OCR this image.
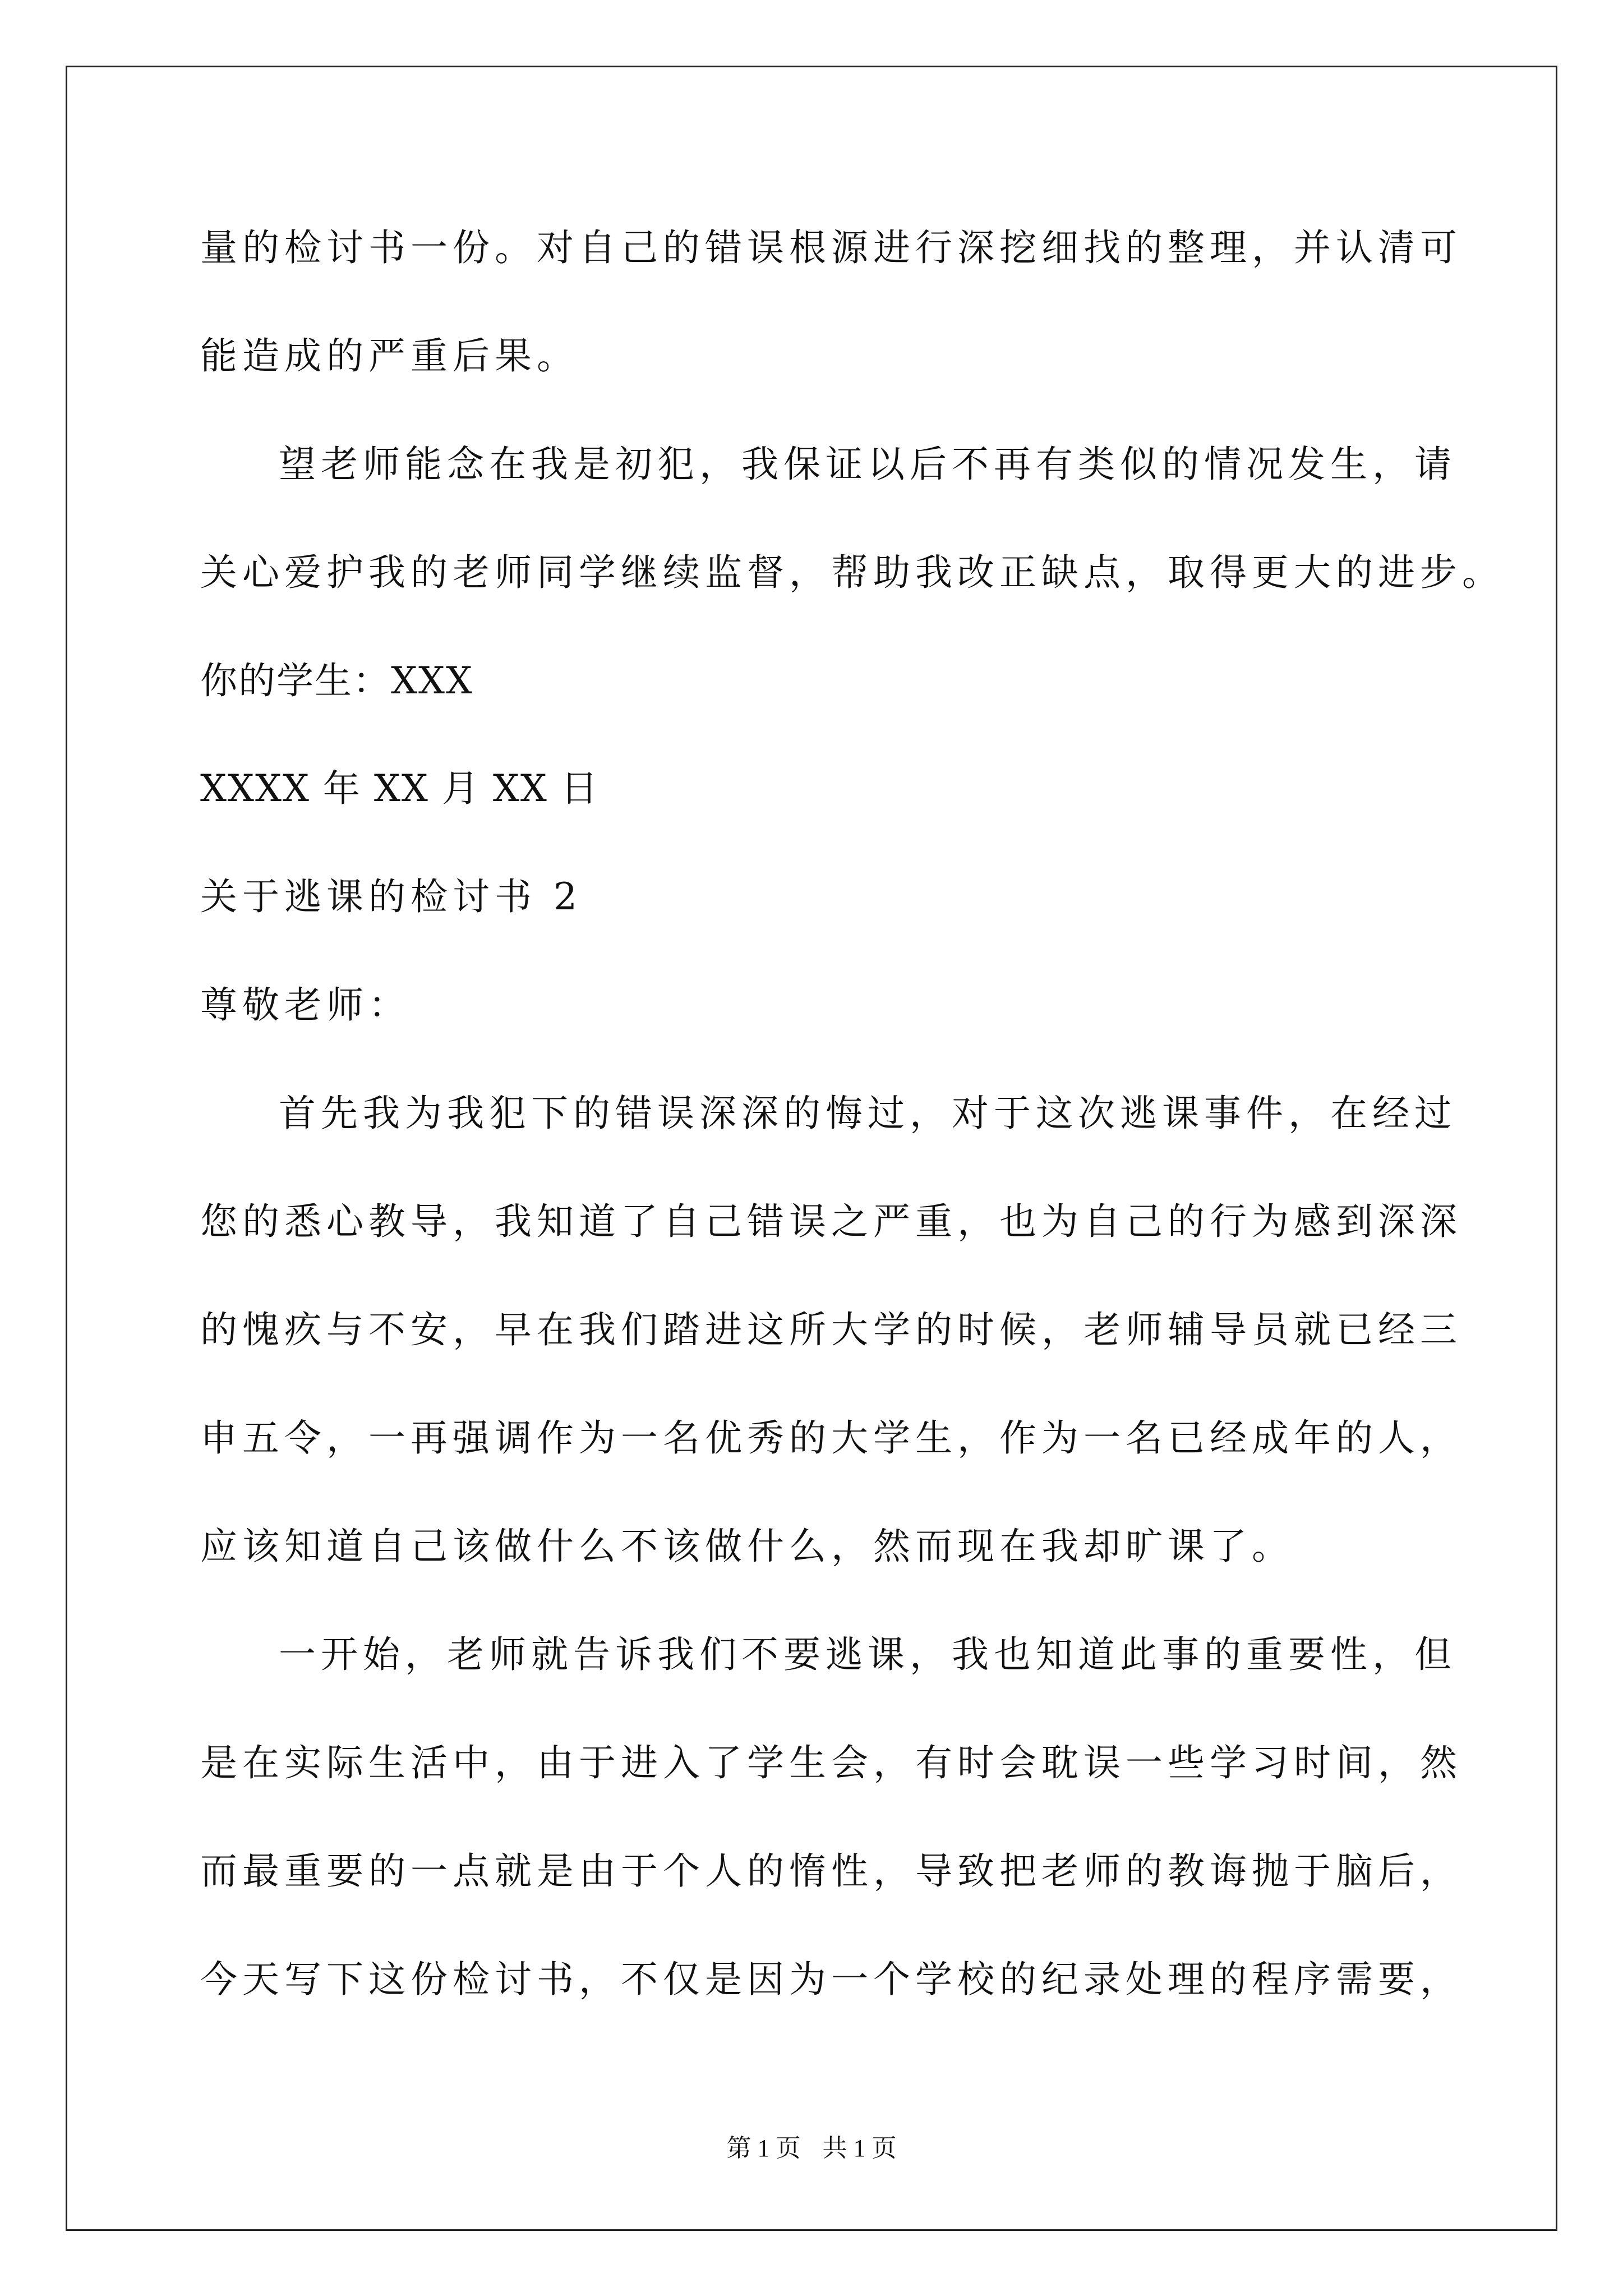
量的检讨书一份。对自己的错误根源进行深挖细找的整理，并认清可
能造成的严重后果。
望老师能念在我是初犯，我保证以后不再有类似的情况发生，请
关心爱护我的老师同学继续监督，帮助我改正缺点，取得更大的进步。
你的学生：XXX
XXXX 年 XX 月 XX 日
关于逃课的检讨书 2
尊敬老师：
首先我为我犯下的错误深深的悔过，对于这次逃课事件，在经过
您的悉心教导，我知道了自己错误之严重，也为自己的行为感到深深
的愧疚与不安，早在我们踏进这所大学的时候，老师辅导员就已经三
申五令，一再强调作为一名优秀的大学生，作为一名已经成年的人，
应该知道自己该做什么不该做什么，然而现在我却旷课了。
一开始，老师就告诉我们不要逃课，我也知道此事的重要性，但
是在实际生活中，由于进入了学生会，有时会耽误一些学习时间，然
而最重要的一点就是由于个人的惰性，导致把老师的教诲抛于脑后，
今天写下这份检讨书，不仅是因为一个学校的纪录处理的程序需要，
第 1 页 共 1 页
